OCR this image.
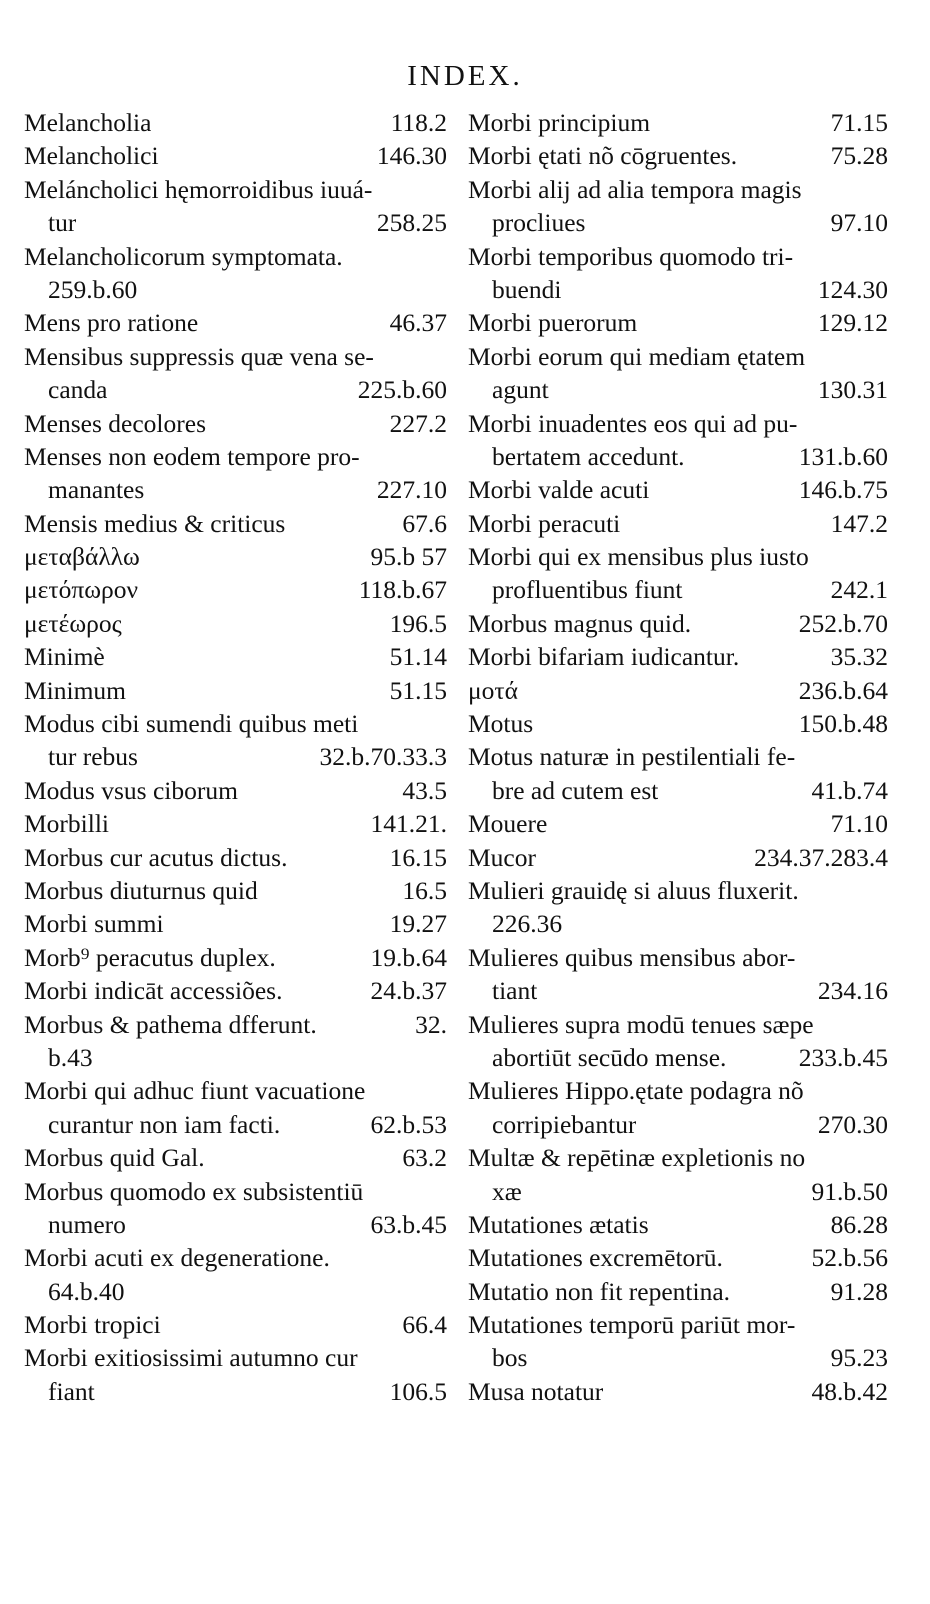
INDEX.
Melancholia	118.2
Melancholici	146.30
Meláncholici hęmorroidibus iuuá-
tur	258.25
Melancholicorum symptomata.
259.b.60
Mens pro ratione	46.37
Mensibus suppressis quæ vena se-
canda	225.b.60
Menses decolores	227.2
Menses non eodem tempore pro-
manantes	227.10
Mensis medius & criticus	67.6
μεταβάλλω	95.b 57
μετόπωρον	118.b.67
μετέωρος	196.5
Minimè	51.14
Minimum	51.15
Modus cibi sumendi quibus meti
tur rebus	32.b.70.33.3
Modus vsus ciborum	43.5
Morbilli	141.21.
Morbus cur acutus dictus.	16.15
Morbus diuturnus quid	16.5
Morbi summi	19.27
Morb⁹ peracutus duplex.	19.b.64
Morbi indicāt accessiões.	24.b.37
Morbus & pathema dfferunt.	32.
b.43
Morbi qui adhuc fiunt vacuatione
curantur non iam facti.	62.b.53
Morbus quid Gal.	63.2
Morbus quomodo ex subsistentiū
numero	63.b.45
Morbi acuti ex degeneratione.
64.b.40
Morbi tropici	66.4
Morbi exitiosissimi autumno cur
fiant	106.5
Morbi principium	71.15
Morbi ętati nõ cōgruentes.	75.28
Morbi alij ad alia tempora magis
procliues	97.10
Morbi temporibus quomodo tri-
buendi	124.30
Morbi puerorum	129.12
Morbi eorum qui mediam ętatem
agunt	130.31
Morbi inuadentes eos qui ad pu-
bertatem accedunt.	131.b.60
Morbi valde acuti	146.b.75
Morbi peracuti	147.2
Morbi qui ex mensibus plus iusto
profluentibus fiunt	242.1
Morbus magnus quid.	252.b.70
Morbi bifariam iudicantur.	35.32
μοτά	236.b.64
Motus	150.b.48
Motus naturæ in pestilentiali fe-
bre ad cutem est	41.b.74
Mouere	71.10
Mucor	234.37.283.4
Mulieri grauidę si aluus fluxerit.
226.36
Mulieres quibus mensibus abor-
tiant	234.16
Mulieres supra modū tenues sæpe
abortiūt secūdo mense.	233.b.45
Mulieres Hippo.ętate podagra nõ
corripiebantur	270.30
Multæ & repētinæ expletionis no
xæ	91.b.50
Mutationes ætatis	86.28
Mutationes excremētorū.	52.b.56
Mutatio non fit repentina.	91.28
Mutationes temporū pariūt mor-
bos	95.23
Musa notatur	48.b.42
